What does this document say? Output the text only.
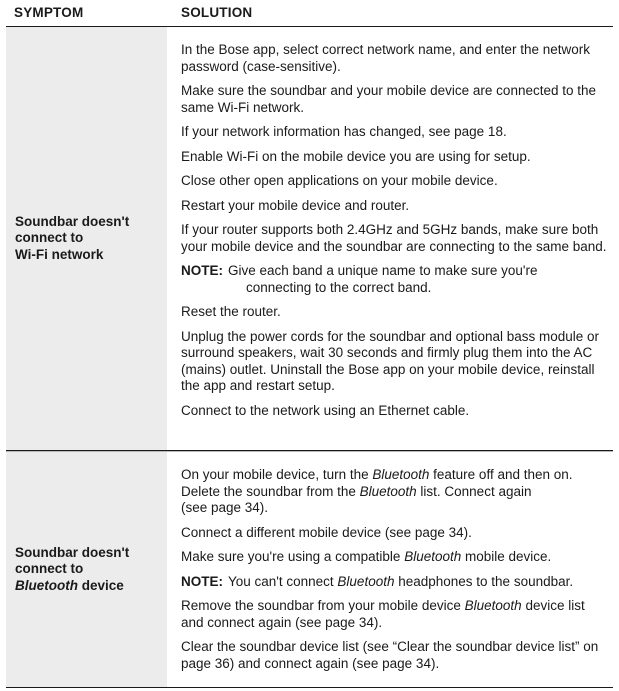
SYMPTOM	SOLUTION
Soundbar doesn't
connect to
Wi-Fi network

In the Bose app, select correct network name, and enter the network password (case-sensitive).

Make sure the soundbar and your mobile device are connected to the same Wi-Fi network.

If your network information has changed, see page 18.

Enable Wi-Fi on the mobile device you are using for setup.

Close other open applications on your mobile device.

Restart your mobile device and router.

If your router supports both 2.4GHz and 5GHz bands, make sure both your mobile device and the soundbar are connecting to the same band.

NOTE: Give each band a unique name to make sure you're
connecting to the correct band.

Reset the router.

Unplug the power cords for the soundbar and optional bass module or surround speakers, wait 30 seconds and firmly plug them into the AC (mains) outlet. Uninstall the Bose app on your mobile device, reinstall the app and restart setup.

Connect to the network using an Ethernet cable.

Soundbar doesn't
connect to
Bluetooth device

On your mobile device, turn the Bluetooth feature off and then on. Delete the soundbar from the Bluetooth list. Connect again
(see page 34).

Connect a different mobile device (see page 34).

Make sure you're using a compatible Bluetooth mobile device.

NOTE: You can't connect Bluetooth headphones to the soundbar.

Remove the soundbar from your mobile device Bluetooth device list and connect again (see page 34).

Clear the soundbar device list (see “Clear the soundbar device list” on page 36) and connect again (see page 34).
